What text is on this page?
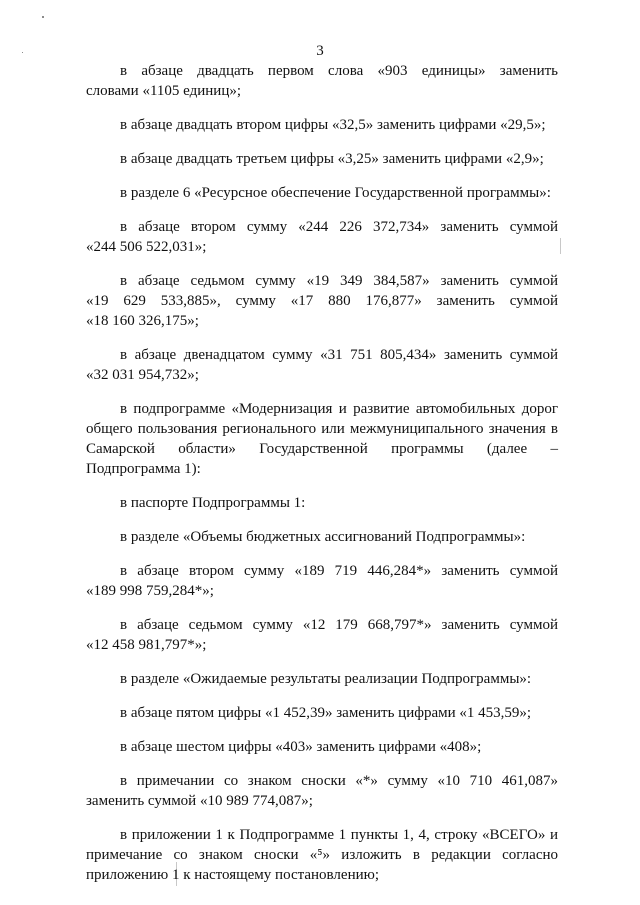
3
в абзаце двадцать первом слова «903 единицы» заменить
словами «1105 единиц»;

в абзаце двадцать втором цифры «32,5» заменить цифрами «29,5»;

в абзаце двадцать третьем цифры «3,25» заменить цифрами «2,9»;

в разделе 6 «Ресурсное обеспечение Государственной программы»:

в абзаце втором сумму «244 226 372,734» заменить суммой
«244 506 522,031»;
в абзаце седьмом сумму «19 349 384,587» заменить суммой
«19 629 533,885», сумму «17 880 176,877» заменить суммой
«18 160 326,175»;
в абзаце двенадцатом сумму «31 751 805,434» заменить суммой
«32 031 954,732»;
в подпрограмме «Модернизация и развитие автомобильных дорог
общего пользования регионального или межмуниципального значения в
Самарской области» Государственной программы (далее – Подпрограмма 1):

в паспорте Подпрограммы 1:

в разделе «Объемы бюджетных ассигнований Подпрограммы»:

в абзаце втором сумму «189 719 446,284*» заменить суммой
«189 998 759,284*»;
в абзаце седьмом сумму «12 179 668,797*» заменить суммой
«12 458 981,797*»;

в разделе «Ожидаемые результаты реализации Подпрограммы»:

в абзаце пятом цифры «1 452,39» заменить цифрами «1 453,59»;

в абзаце шестом цифры «403» заменить цифрами «408»;

в примечании со знаком сноски «*» сумму «10 710 461,087»
заменить суммой «10 989 774,087»;
в приложении 1 к Подпрограмме 1 пункты 1, 4, строку «ВСЕГО» и
примечание со знаком сноски «⁵» изложить в редакции согласно
приложению 1 к настоящему постановлению;
